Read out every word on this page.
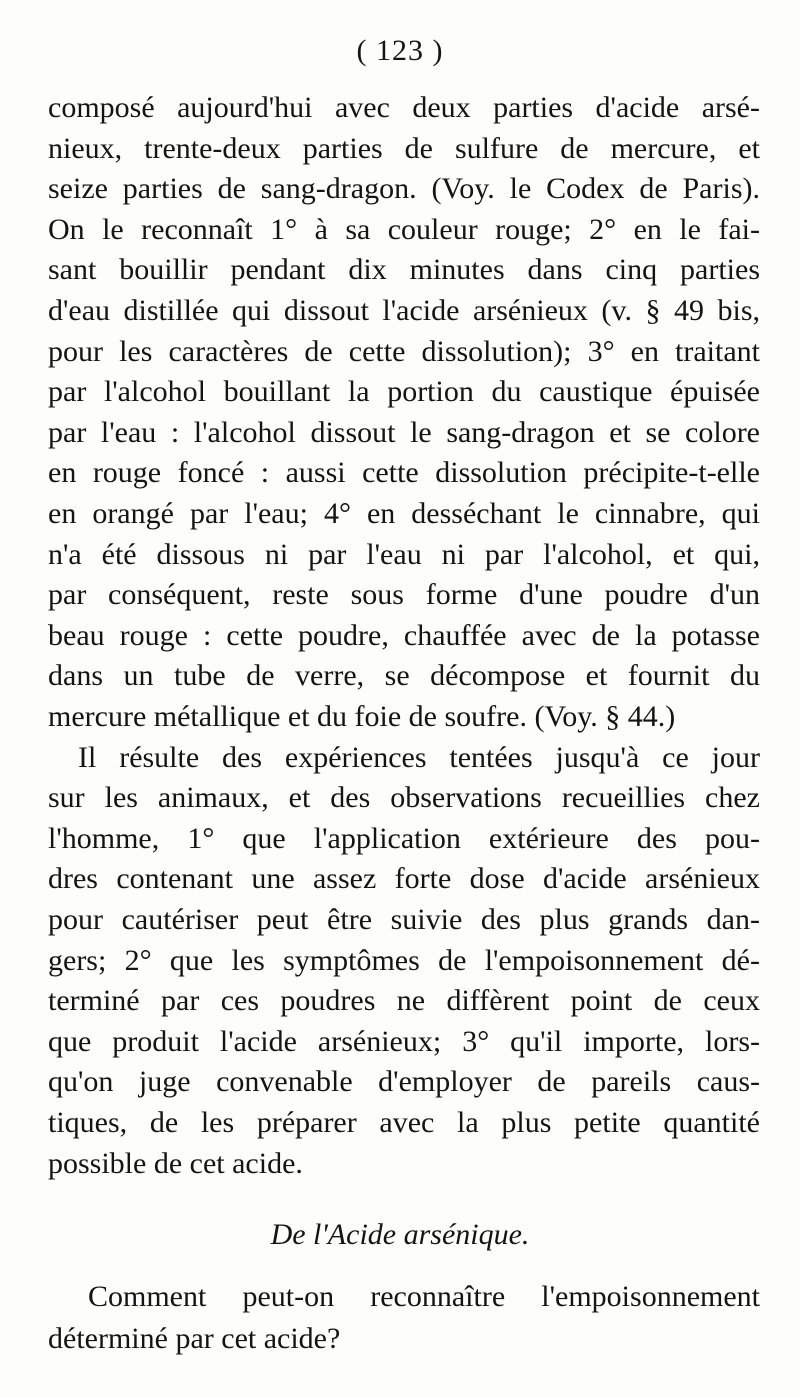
( 123 )
composé aujourd'hui avec deux parties d'acide arsé-
nieux, trente-deux parties de sulfure de mercure, et
seize parties de sang-dragon. (Voy. le Codex de Paris).
On le reconnaît 1° à sa couleur rouge; 2° en le fai-
sant bouillir pendant dix minutes dans cinq parties
d'eau distillée qui dissout l'acide arsénieux (v. § 49 bis,
pour les caractères de cette dissolution); 3° en traitant
par l'alcohol bouillant la portion du caustique épuisée
par l'eau : l'alcohol dissout le sang-dragon et se colore
en rouge foncé : aussi cette dissolution précipite-t-elle
en orangé par l'eau; 4° en desséchant le cinnabre, qui
n'a été dissous ni par l'eau ni par l'alcohol, et qui,
par conséquent, reste sous forme d'une poudre d'un
beau rouge : cette poudre, chauffée avec de la potasse
dans un tube de verre, se décompose et fournit du
mercure métallique et du foie de soufre. (Voy. § 44.)
Il résulte des expériences tentées jusqu'à ce jour
sur les animaux, et des observations recueillies chez
l'homme, 1° que l'application extérieure des pou-
dres contenant une assez forte dose d'acide arsénieux
pour cautériser peut être suivie des plus grands dan-
gers; 2° que les symptômes de l'empoisonnement dé-
terminé par ces poudres ne diffèrent point de ceux
que produit l'acide arsénieux; 3° qu'il importe, lors-
qu'on juge convenable d'employer de pareils caus-
tiques, de les préparer avec la plus petite quantité
possible de cet acide.
De l'Acide arsénique.
Comment peut-on reconnaître l'empoisonnement
déterminé par cet acide?
